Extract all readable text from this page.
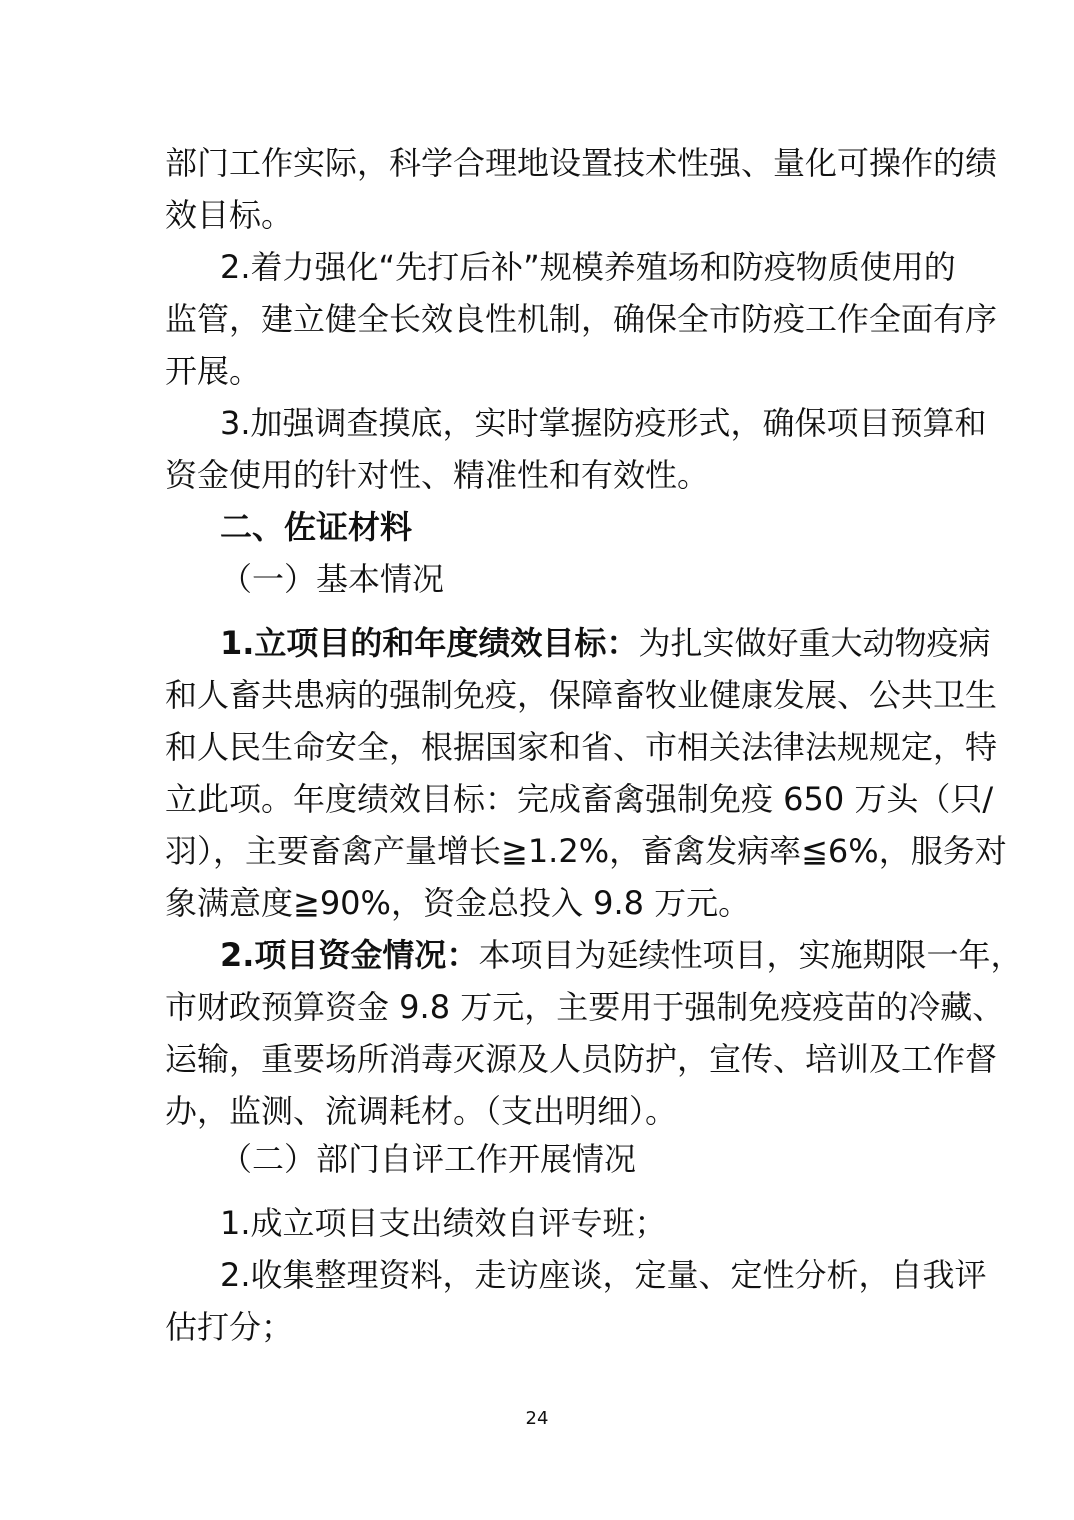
部门工作实际，科学合理地设置技术性强、量化可操作的绩
效目标。
2.着力强化“先打后补”规模养殖场和防疫物质使用的
监管，建立健全长效良性机制，确保全市防疫工作全面有序
开展。
3.加强调查摸底，实时掌握防疫形式，确保项目预算和
资金使用的针对性、精准性和有效性。
二、佐证材料
（一）基本情况
1.立项目的和年度绩效目标：为扎实做好重大动物疫病
和人畜共患病的强制免疫，保障畜牧业健康发展、公共卫生
和人民生命安全，根据国家和省、市相关法律法规规定，特
立此项。年度绩效目标：完成畜禽强制免疫 650 万头（只/
羽），主要畜禽产量增长≧1.2%，畜禽发病率≦6%，服务对
象满意度≧90%，资金总投入 9.8 万元。
2.项目资金情况：本项目为延续性项目，实施期限一年，
市财政预算资金 9.8 万元，主要用于强制免疫疫苗的冷藏、
运输，重要场所消毒灭源及人员防护，宣传、培训及工作督
办，监测、流调耗材。（支出明细）。
（二）部门自评工作开展情况
1.成立项目支出绩效自评专班；
2.收集整理资料，走访座谈，定量、定性分析，自我评
估打分；
24
